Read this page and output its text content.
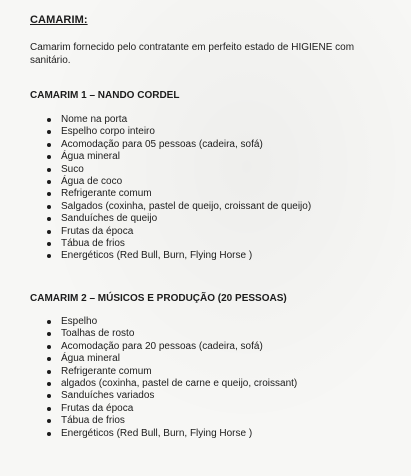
CAMARIM:
Camarim fornecido pelo contratante em perfeito estado de HIGIENE com sanitário.
CAMARIM 1 – NANDO CORDEL
Nome na porta
Espelho corpo inteiro
Acomodação para 05 pessoas (cadeira, sofá)
Água mineral
Suco
Água de coco
Refrigerante comum
Salgados (coxinha, pastel de queijo, croissant de queijo)
Sanduíches de queijo
Frutas da época
Tábua de frios
Energéticos (Red Bull, Burn, Flying Horse )
CAMARIM 2 – MÚSICOS E PRODUÇÃO (20 PESSOAS)
Espelho
Toalhas de rosto
Acomodação para 20 pessoas (cadeira, sofá)
Água mineral
Refrigerante comum
algados (coxinha, pastel de carne e queijo, croissant)
Sanduíches variados
Frutas da época
Tábua de frios
Energéticos (Red Bull, Burn, Flying Horse )
